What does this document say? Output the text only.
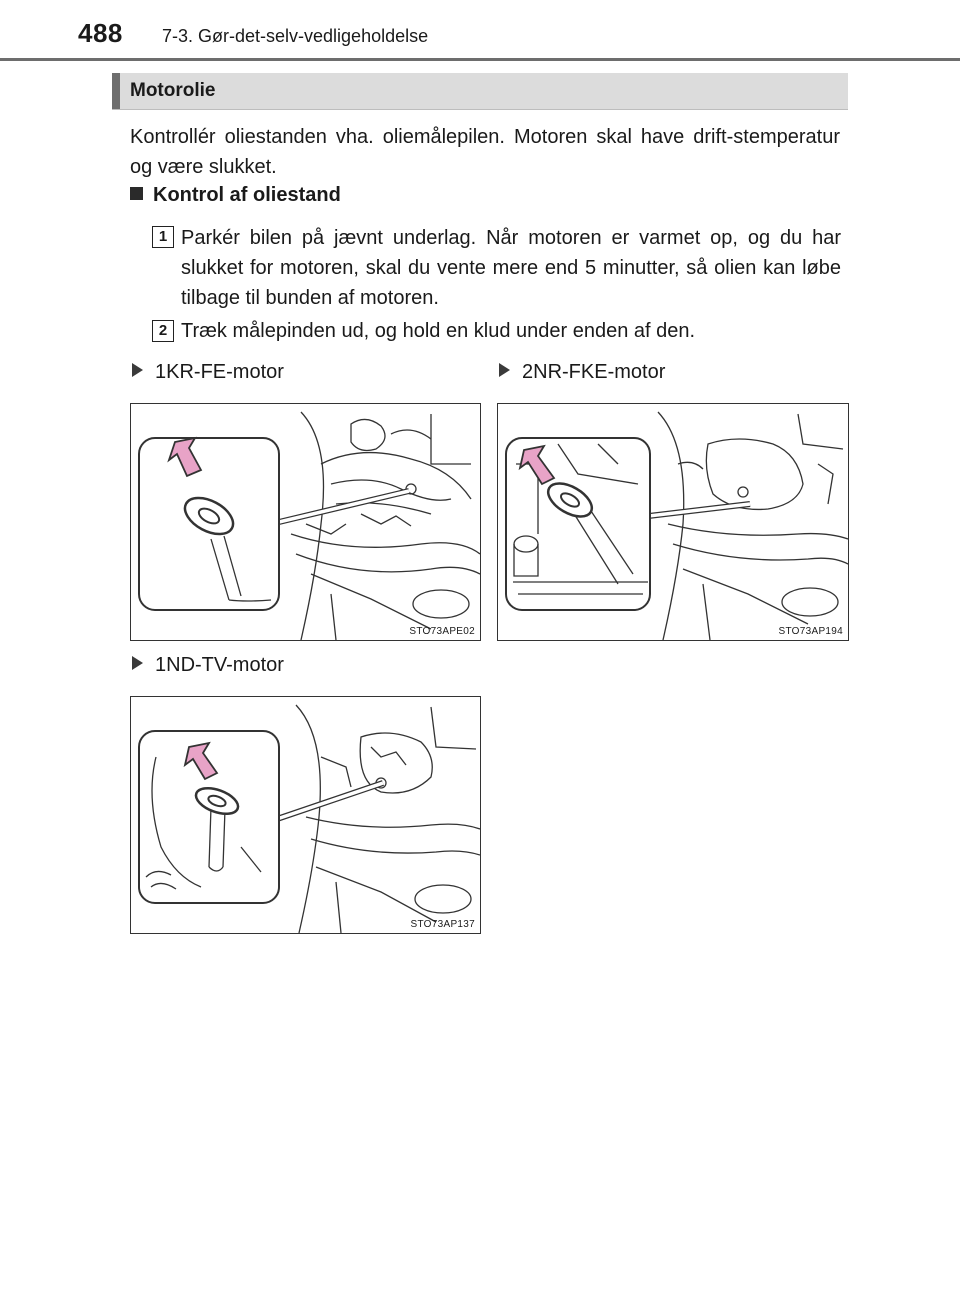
488 7-3. Gør-det-selv-vedligeholdelse
Motorolie
Kontrollér oliestanden vha. oliemålepilen. Motoren skal have drift-stemperatur og være slukket.
Kontrol af oliestand
1 Parkér bilen på jævnt underlag. Når motoren er varmet op, og du har slukket for motoren, skal du vente mere end 5 minutter, så olien kan løbe tilbage til bunden af motoren.
2 Træk målepinden ud, og hold en klud under enden af den.
1KR-FE-motor	2NR-FKE-motor
1ND-TV-motor
STO73APE02	STO73AP194
STO73AP137
